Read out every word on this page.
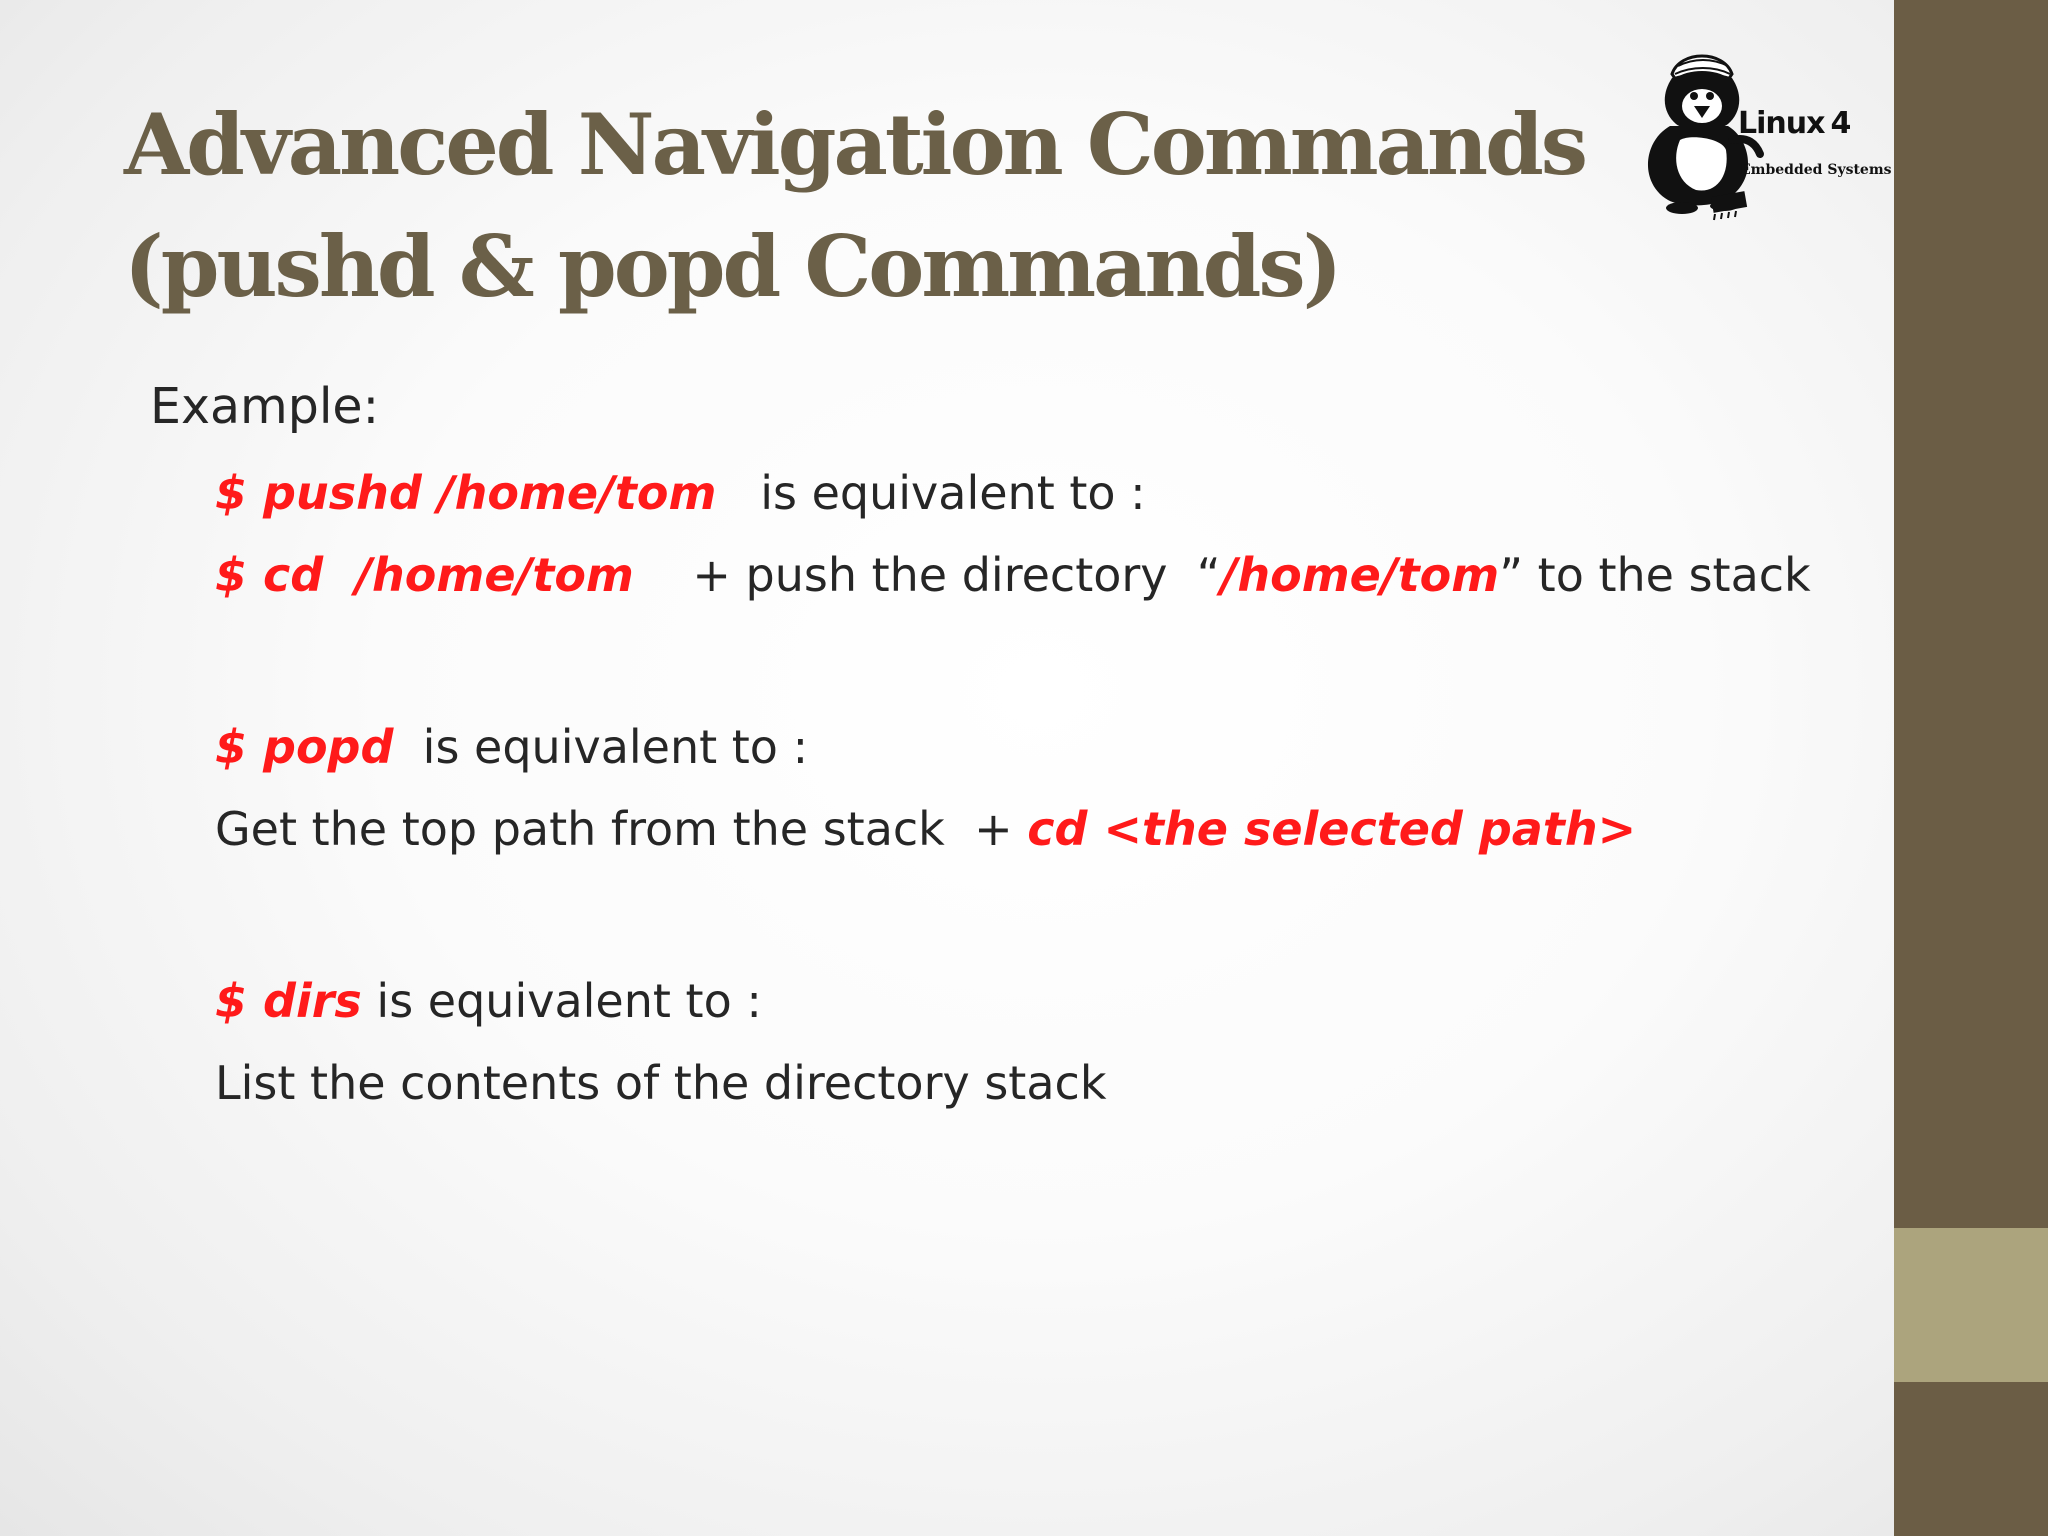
Advanced Navigation Commands
(pushd & popd Commands)
Linux 4
Embedded Systems
Example:
$ pushd /home/tom   is equivalent to :
$ cd  /home/tom    + push the directory  “/home/tom” to the stack
$ popd  is equivalent to :
Get the top path from the stack  + cd <the selected path>
$ dirs is equivalent to :
List the contents of the directory stack
